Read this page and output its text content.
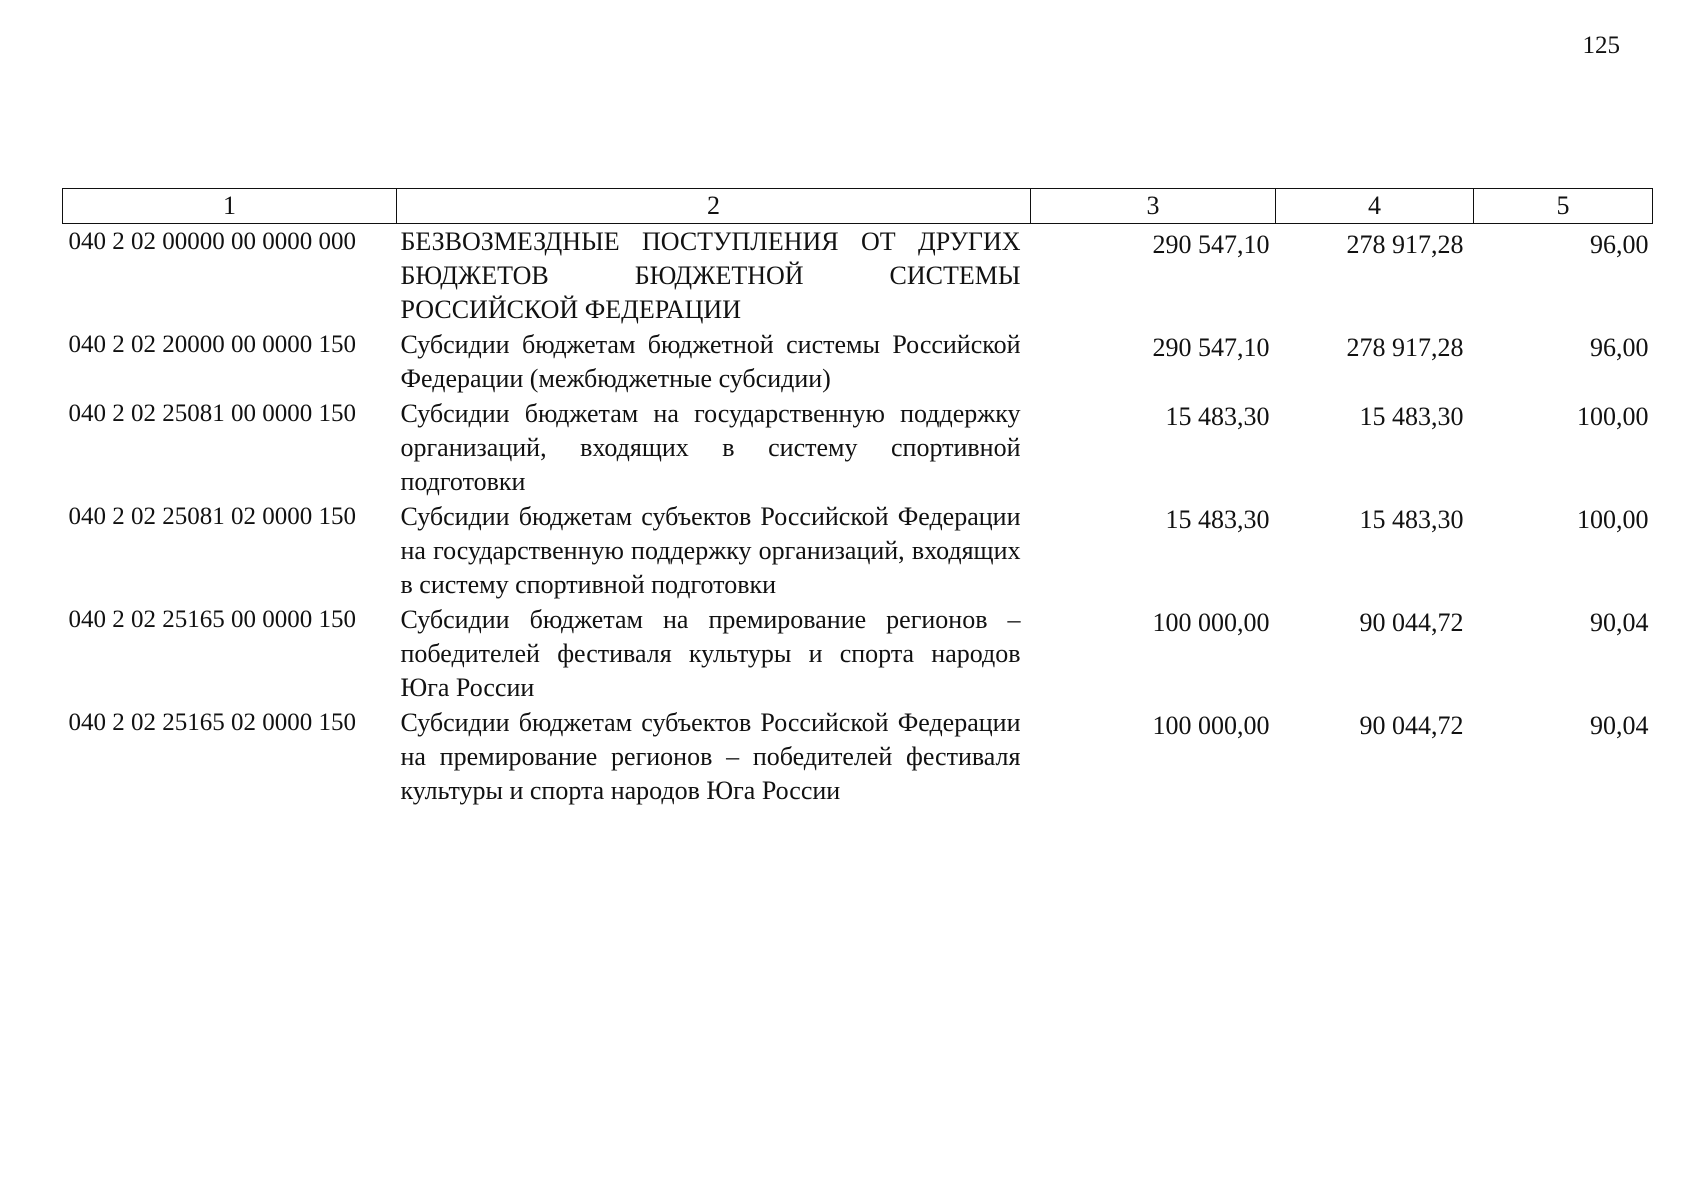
125
1	2	3	4	5
040 2 02 00000 00 0000 000	БЕЗВОЗМЕЗДНЫЕ ПОСТУПЛЕНИЯ ОТ ДРУГИХ БЮДЖЕТОВ БЮДЖЕТНОЙ СИСТЕМЫ РОССИЙСКОЙ ФЕДЕРАЦИИ	290 547,10	278 917,28	96,00
040 2 02 20000 00 0000 150	Субсидии бюджетам бюджетной системы Российской Федерации (межбюджетные субсидии)	290 547,10	278 917,28	96,00
040 2 02 25081 00 0000 150	Субсидии бюджетам на государственную поддержку организаций, входящих в систему спортивной подготовки	15 483,30	15 483,30	100,00
040 2 02 25081 02 0000 150	Субсидии бюджетам субъектов Российской Федерации на государственную поддержку организаций, входящих в систему спортивной подготовки	15 483,30	15 483,30	100,00
040 2 02 25165 00 0000 150	Субсидии бюджетам на премирование регионов – победителей фестиваля культуры и спорта народов Юга России	100 000,00	90 044,72	90,04
040 2 02 25165 02 0000 150	Субсидии бюджетам субъектов Российской Федерации на премирование регионов – победителей фестиваля культуры и спорта народов Юга России	100 000,00	90 044,72	90,04
